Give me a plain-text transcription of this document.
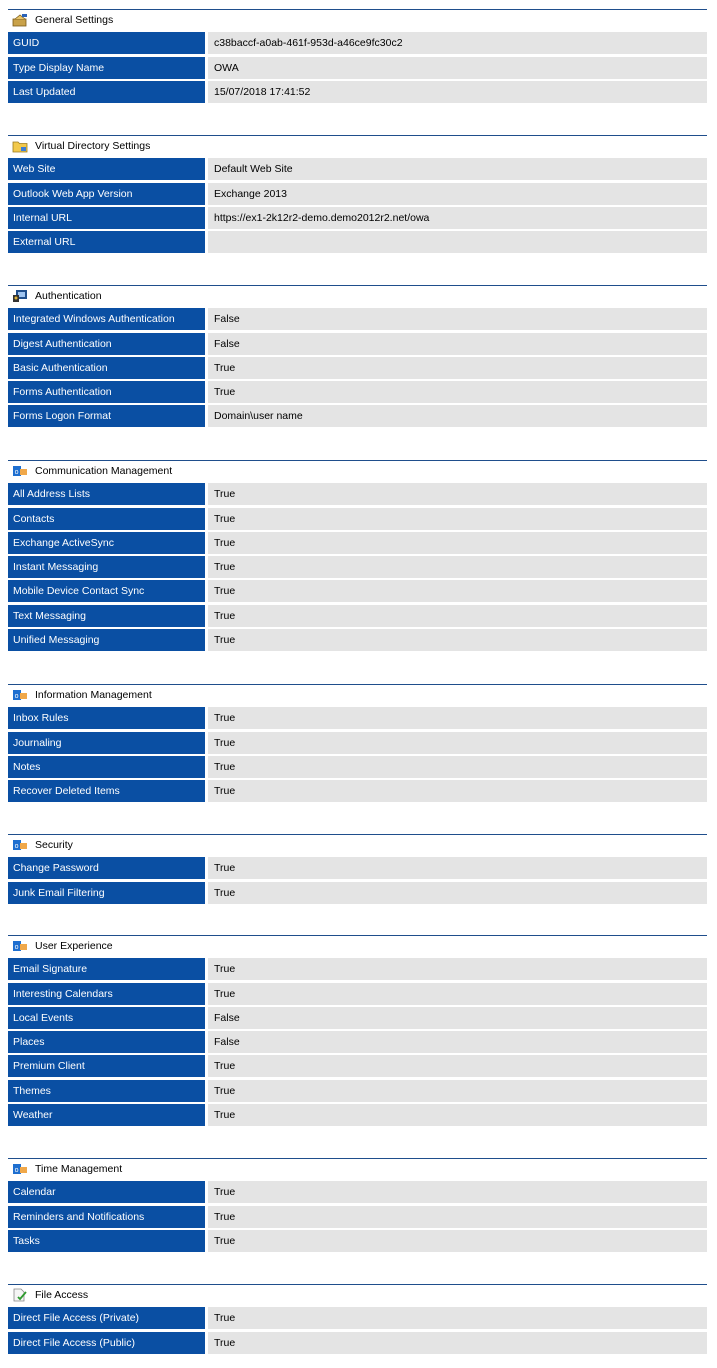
General Settings
GUID	c38baccf-a0ab-461f-953d-a46ce9fc30c2
Type Display Name	OWA
Last Updated	15/07/2018 17:41:52
Virtual Directory Settings
Web Site	Default Web Site
Outlook Web App Version	Exchange 2013
Internal URL	https://ex1-2k12r2-demo.demo2012r2.net/owa
External URL
Authentication
Integrated Windows Authentication	False
Digest Authentication	False
Basic Authentication	True
Forms Authentication	True
Forms Logon Format	Domain\user name
o Communication Management
All Address Lists	True
Contacts	True
Exchange ActiveSync	True
Instant Messaging	True
Mobile Device Contact Sync	True
Text Messaging	True
Unified Messaging	True
o Information Management
Inbox Rules	True
Journaling	True
Notes	True
Recover Deleted Items	True
o Security
Change Password	True
Junk Email Filtering	True
o User Experience
Email Signature	True
Interesting Calendars	True
Local Events	False
Places	False
Premium Client	True
Themes	True
Weather	True
o Time Management
Calendar	True
Reminders and Notifications	True
Tasks	True
File Access
Direct File Access (Private)	True
Direct File Access (Public)	True
